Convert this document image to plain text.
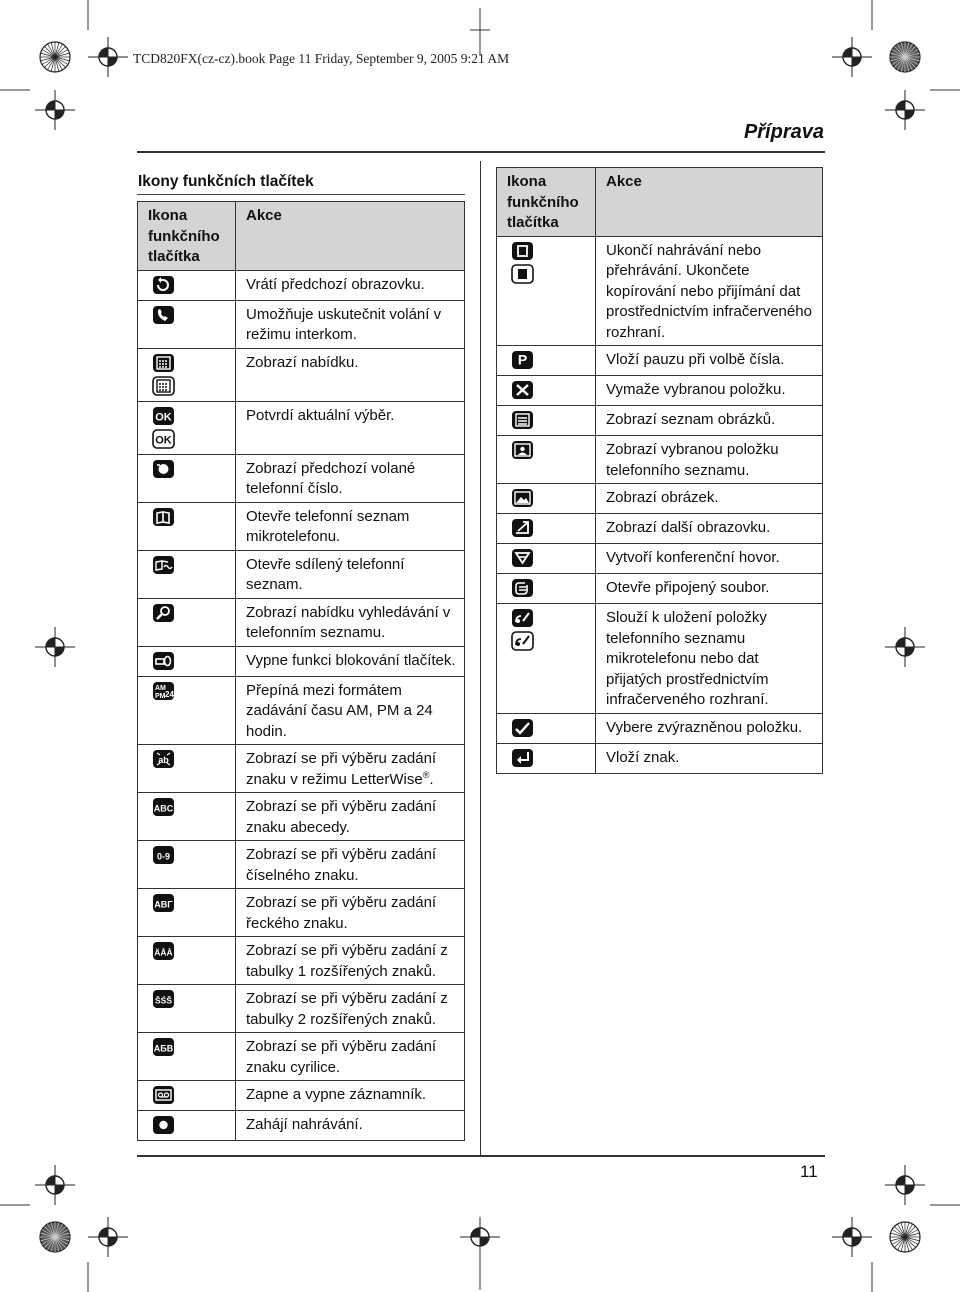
TCD820FX(cz-cz).book Page 11 Friday, September 9, 2005 9:21 AM
Příprava
Ikony funkčních tlačítek
Ikona funkčního tlačítka	Akce

	Vrátí předchozí obrazovku.

	Umožňuje uskutečnit volání v režimu interkom.

	Zobrazí nabídku.

OK
OK	Potvrdí aktuální výběr.

	Zobrazí předchozí volané telefonní číslo.

	Otevře telefonní seznam mikrotelefonu.

	Otevře sdílený telefonní seznam.

	Zobrazí nabídku vyhledávání v telefonním seznamu.

	Vypne funkci blokování tlačítek.

AM
PM 24	Přepíná mezi formátem zadávání času AM, PM a 24 hodin.

ab	Zobrazí se při výběru zadání znaku v režimu LetterWise®.

ABC	Zobrazí se při výběru zadání znaku abecedy.

0-9	Zobrazí se při výběru zadání číselného znaku.

ΑΒΓ	Zobrazí se při výběru zadání řeckého znaku.

ÄÅÀ	Zobrazí se při výběru zadání z tabulky 1 rozšířených znaků.

ŠŚŠ	Zobrazí se při výběru zadání z tabulky 2 rozšířených znaků.

АБВ	Zobrazí se při výběru zadání znaku cyrilice.

	Zapne a vypne záznamník.

	Zahájí nahrávání.
Ikona funkčního tlačítka	Akce

	Ukončí nahrávání nebo přehrávání. Ukončete kopírování nebo přijímání dat prostřednictvím infračerveného rozhraní.

P	Vloží pauzu při volbě čísla.

	Vymaže vybranou položku.

	Zobrazí seznam obrázků.

	Zobrazí vybranou položku telefonního seznamu.

	Zobrazí obrázek.

	Zobrazí další obrazovku.

	Vytvoří konferenční hovor.

	Otevře připojený soubor.

	Slouží k uložení položky telefonního seznamu mikrotelefonu nebo dat přijatých prostřednictvím infračerveného rozhraní.

	Vybere zvýrazněnou položku.

	Vloží znak.
11
